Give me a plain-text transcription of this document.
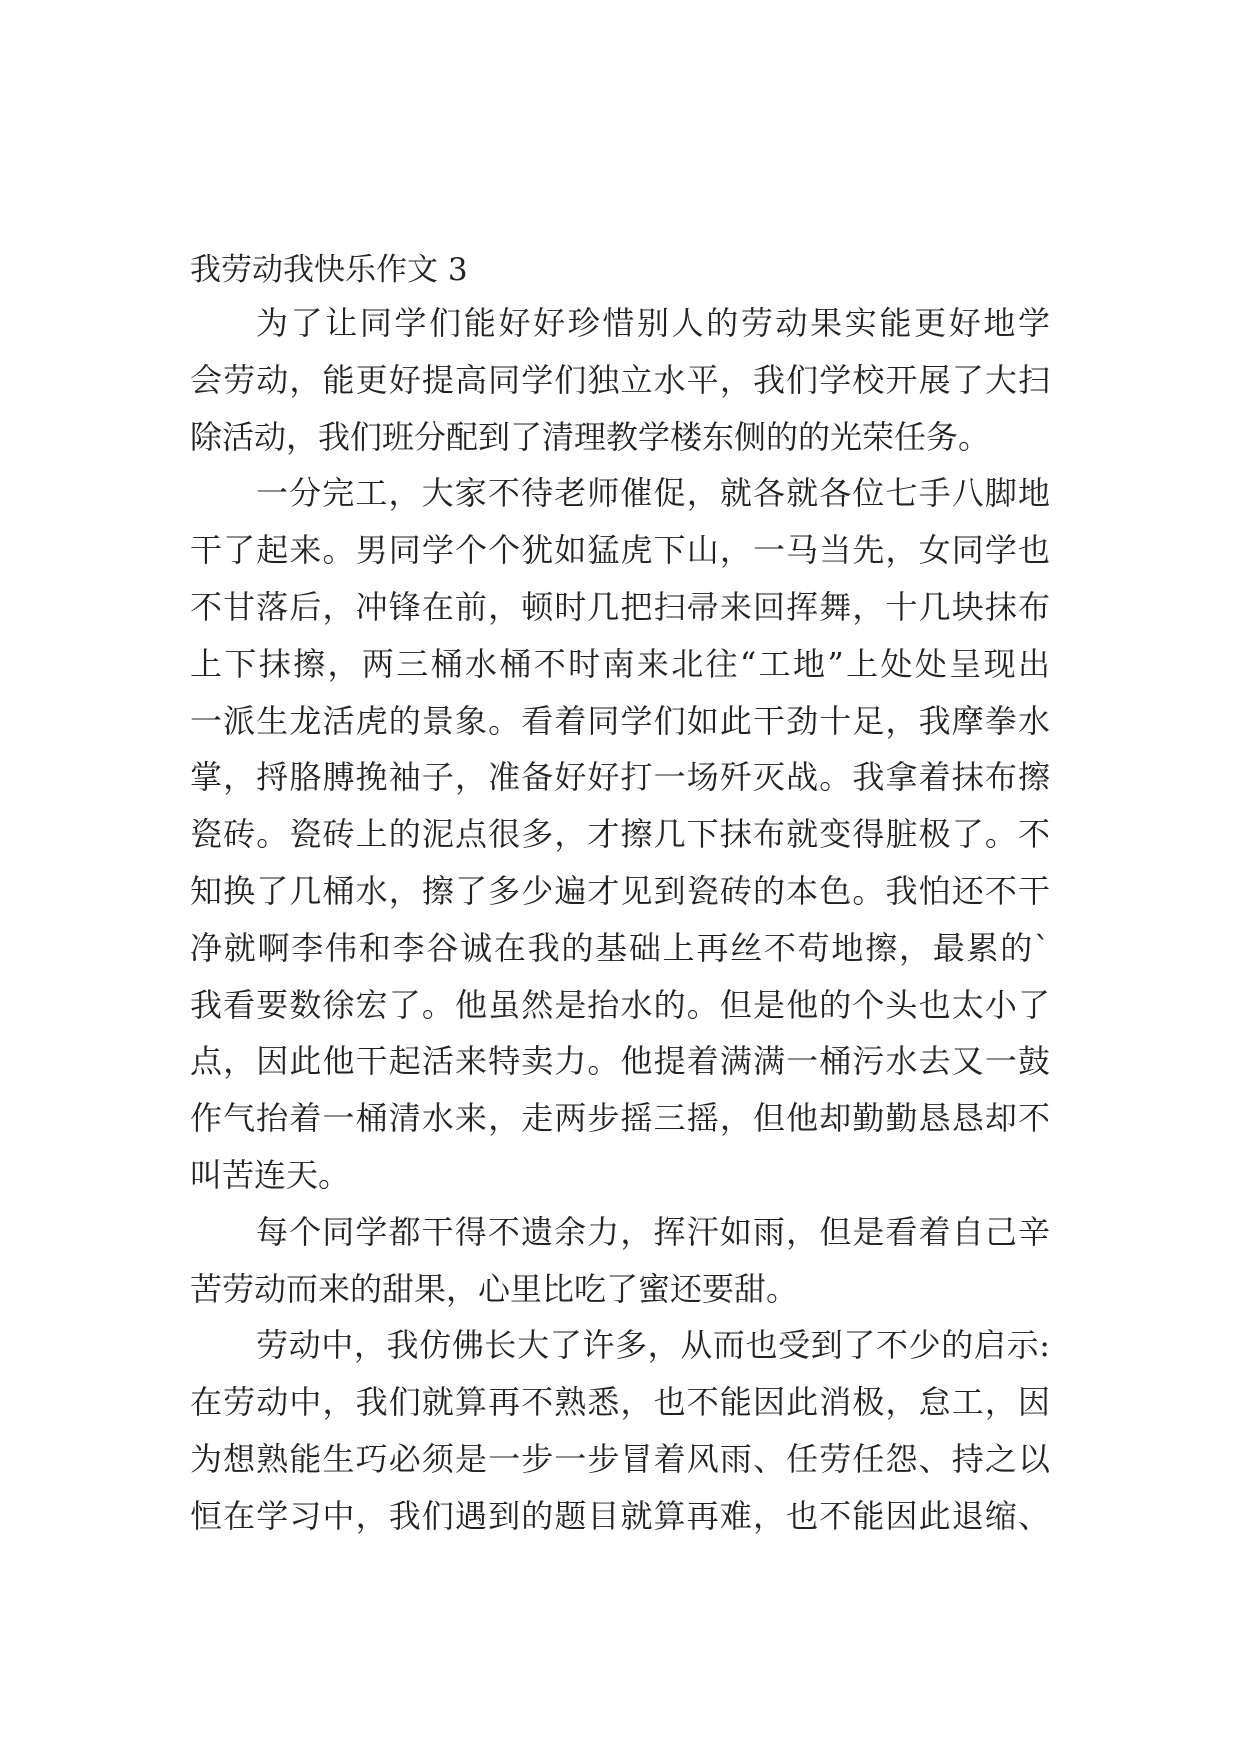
我劳动我快乐作文 3
为了让同学们能好好珍惜别人的劳动果实能更好地学
会劳动，能更好提高同学们独立水平，我们学校开展了大扫
除活动，我们班分配到了清理教学楼东侧的的光荣任务。
一分完工，大家不待老师催促，就各就各位七手八脚地
干了起来。男同学个个犹如猛虎下山，一马当先，女同学也
不甘落后，冲锋在前，顿时几把扫帚来回挥舞，十几块抹布
上下抹擦，两三桶水桶不时南来北往“工地”上处处呈现出
一派生龙活虎的景象。看着同学们如此干劲十足，我摩拳水
掌，捋胳膊挽袖子，准备好好打一场歼灭战。我拿着抹布擦
瓷砖。瓷砖上的泥点很多，才擦几下抹布就变得脏极了。不
知换了几桶水，擦了多少遍才见到瓷砖的本色。我怕还不干
净就啊李伟和李谷诚在我的基础上再丝不苟地擦，最累的`
我看要数徐宏了。他虽然是抬水的。但是他的个头也太小了
点，因此他干起活来特卖力。他提着满满一桶污水去又一鼓
作气抬着一桶清水来，走两步摇三摇，但他却勤勤恳恳却不
叫苦连天。
每个同学都干得不遗余力，挥汗如雨，但是看着自己辛
苦劳动而来的甜果，心里比吃了蜜还要甜。
劳动中，我仿佛长大了许多，从而也受到了不少的启示:
在劳动中，我们就算再不熟悉，也不能因此消极，怠工，因
为想熟能生巧必须是一步一步冒着风雨、任劳任怨、持之以
恒在学习中，我们遇到的题目就算再难，也不能因此退缩、
